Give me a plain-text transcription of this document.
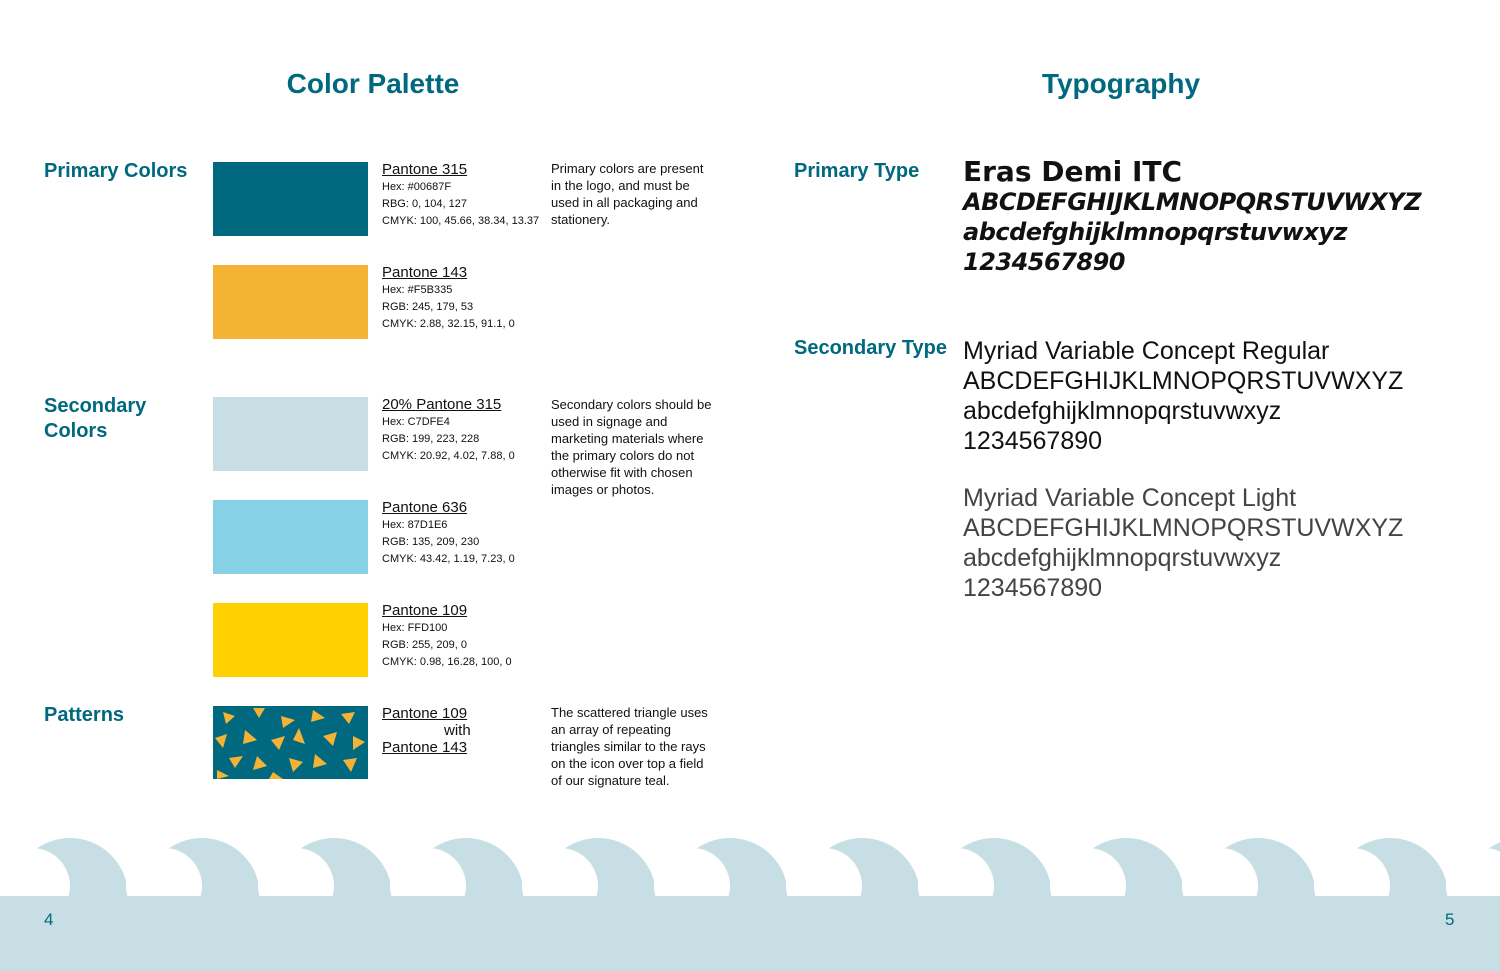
Color Palette	Typography
Primary Colors	Pantone 315
Hex: #00687F
RBG: 0, 104, 127
CMYK: 100, 45.66, 38.34, 13.37
Primary colors are present in the logo, and must be used in all packaging and stationery.
Pantone 143
Hex: #F5B335
RGB: 245, 179, 53
CMYK: 2.88, 32.15, 91.1, 0
Secondary
Colors
20% Pantone 315
Hex: C7DFE4
RGB: 199, 223, 228
CMYK: 20.92, 4.02, 7.88, 0
Secondary colors should be used in signage and marketing materials where the primary colors do not otherwise fit with chosen images or photos.
Pantone 636
Hex: 87D1E6
RGB: 135, 209, 230
CMYK: 43.42, 1.19, 7.23, 0
Pantone 109
Hex: FFD100
RGB: 255, 209, 0
CMYK: 0.98, 16.28, 100, 0
Patterns	Pantone 109
with
Pantone 143
The scattered triangle uses an array of repeating triangles similar to the rays on the icon over top a field of our signature teal.
Primary Type	Eras Demi ITC
ABCDEFGHIJKLMNOPQRSTUVWXYZ
abcdefghijklmnopqrstuvwxyz
1234567890
Secondary Type Myriad Variable Concept Regular
ABCDEFGHIJKLMNOPQRSTUVWXYZ
abcdefghijklmnopqrstuvwxyz
1234567890
Myriad Variable Concept Light
ABCDEFGHIJKLMNOPQRSTUVWXYZ
abcdefghijklmnopqrstuvwxyz
1234567890
4	5
